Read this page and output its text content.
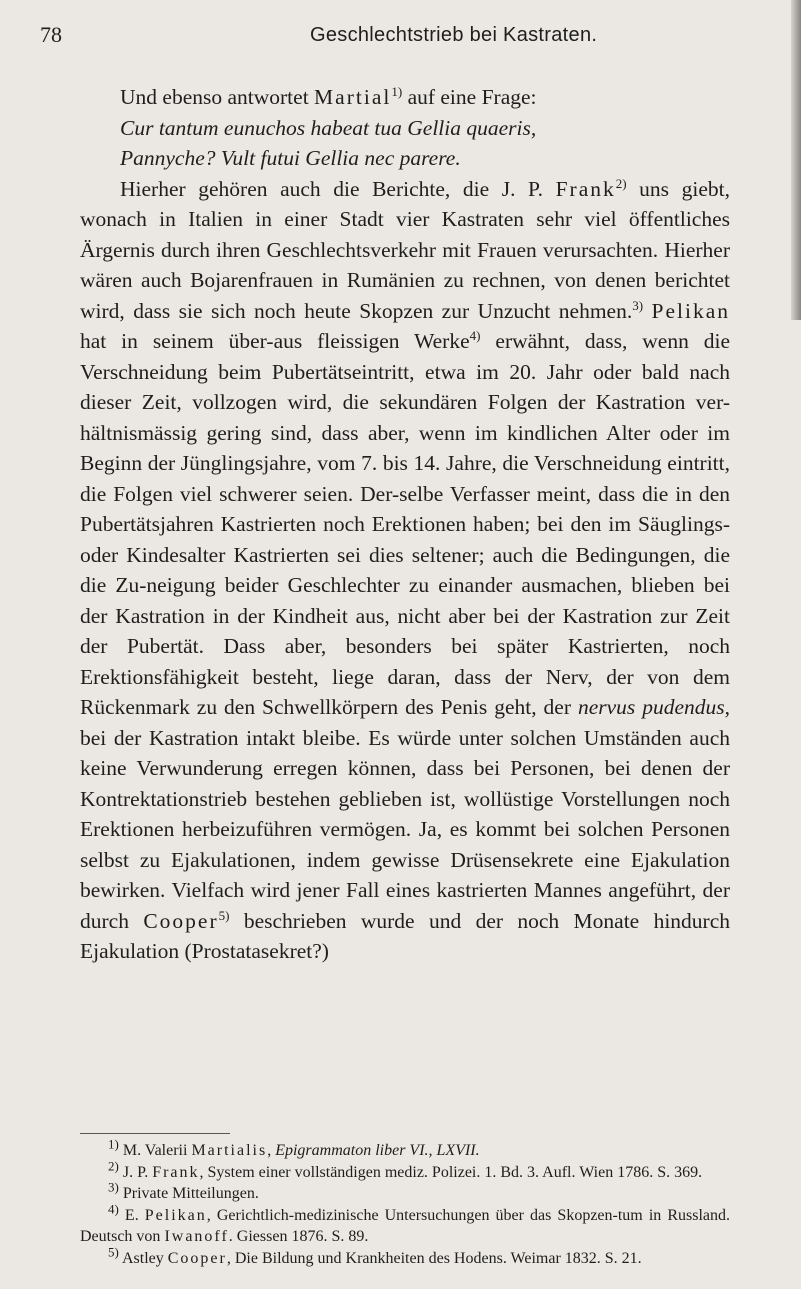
78	Geschlechtstrieb bei Kastraten.

Und ebenso antwortet Martial$^{1)}$ auf eine Frage:

Cur tantum eunuchos habeat tua Gellia quaeris,
Pannyche? Vult futui Gellia nec parere.

Hierher gehören auch die Berichte, die J. P. Frank$^{2)}$ uns giebt, wonach in Italien in einer Stadt vier Kastraten sehr viel öffentliches Ärgernis durch ihren Geschlechtsverkehr mit Frauen verursachten. Hierher wären auch Bojarenfrauen in Rumänien zu rechnen, von denen berichtet wird, dass sie sich noch heute Skopzen zur Unzucht nehmen.$^{3)}$ Pelikan hat in seinem über-aus fleissigen Werke$^{4)}$ erwähnt, dass, wenn die Verschneidung beim Pubertätseintritt, etwa im 20. Jahr oder bald nach dieser Zeit, vollzogen wird, die sekundären Folgen der Kastration ver-hältnismässig gering sind, dass aber, wenn im kindlichen Alter oder im Beginn der Jünglingsjahre, vom 7. bis 14. Jahre, die Verschneidung eintritt, die Folgen viel schwerer seien. Der-selbe Verfasser meint, dass die in den Pubertätsjahren Kastrierten noch Erektionen haben; bei den im Säuglings- oder Kindesalter Kastrierten sei dies seltener; auch die Bedingungen, die die Zu-neigung beider Geschlechter zu einander ausmachen, blieben bei der Kastration in der Kindheit aus, nicht aber bei der Kastration zur Zeit der Pubertät. Dass aber, besonders bei später Kastrierten, noch Erektionsfähigkeit besteht, liege daran, dass der Nerv, der von dem Rückenmark zu den Schwellkörpern des Penis geht, der nervus pudendus, bei der Kastration intakt bleibe. Es würde unter solchen Umständen auch keine Verwunderung erregen können, dass bei Personen, bei denen der Kontrektationstrieb bestehen geblieben ist, wollüstige Vorstellungen noch Erektionen herbeizuführen vermögen. Ja, es kommt bei solchen Personen selbst zu Ejakulationen, indem gewisse Drüsensekrete eine Ejakulation bewirken. Vielfach wird jener Fall eines kastrierten Mannes angeführt, der durch Cooper$^{5)}$ beschrieben wurde und der noch Monate hindurch Ejakulation (Prostatasekret?)

$^{1)}$ M. Valerii Martialis, Epigrammaton liber VI., LXVII.

$^{2)}$ J. P. Frank, System einer vollständigen mediz. Polizei. 1. Bd. 3. Aufl. Wien 1786. S. 369.

$^{3)}$ Private Mitteilungen.

$^{4)}$ E. Pelikan, Gerichtlich-medizinische Untersuchungen über das Skopzen-tum in Russland. Deutsch von Iwanoff. Giessen 1876. S. 89.

$^{5)}$ Astley Cooper, Die Bildung und Krankheiten des Hodens. Weimar 1832. S. 21.
